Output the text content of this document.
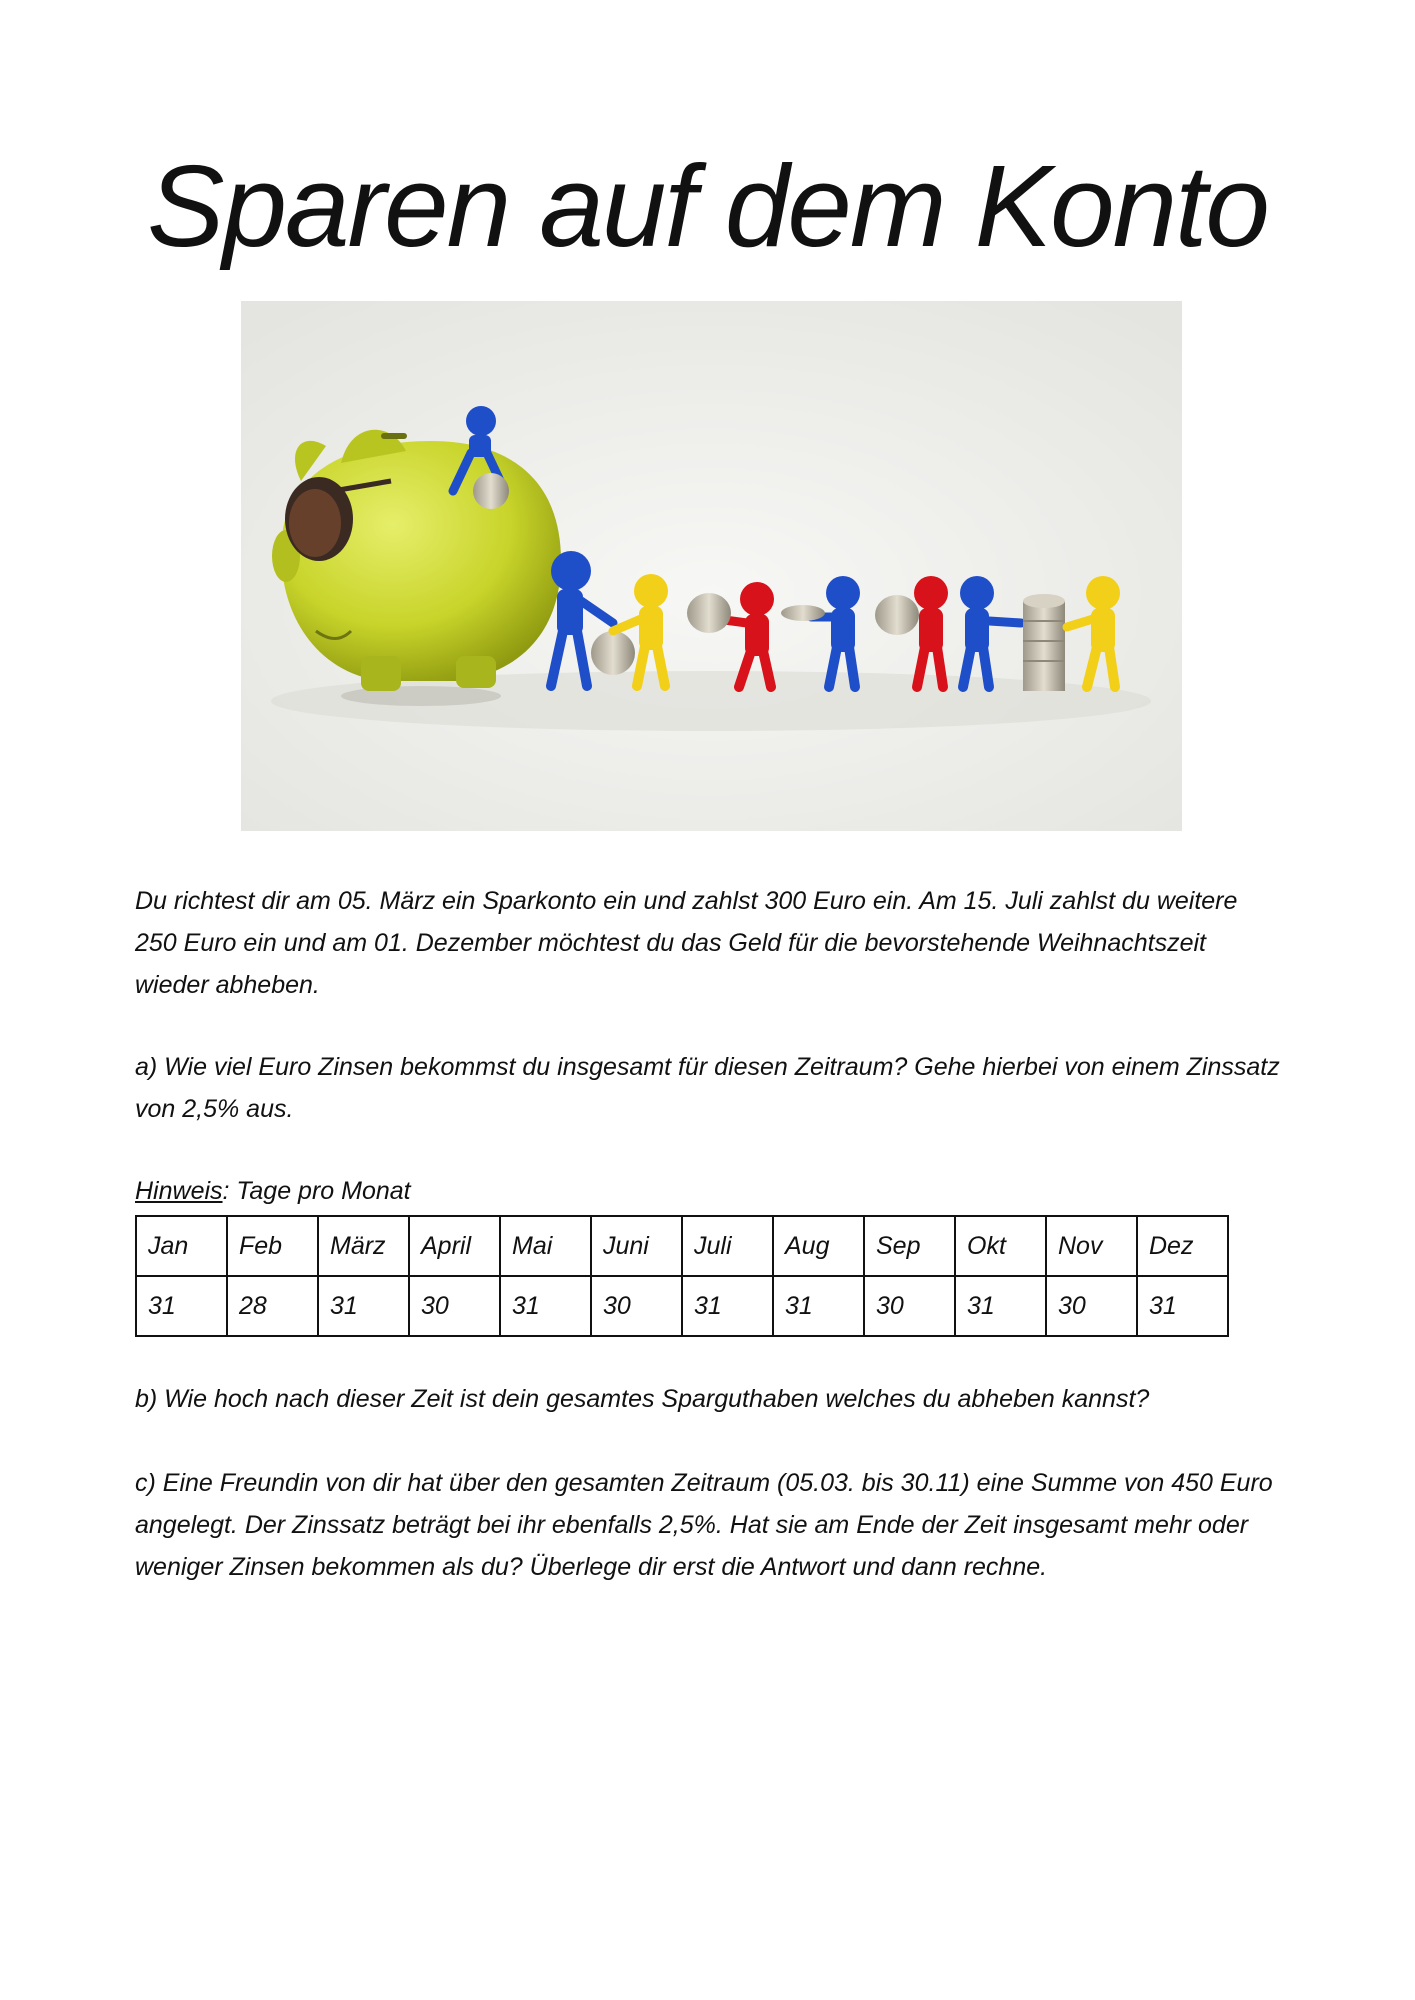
Sparen auf dem Konto

Du richtest dir am 05. März ein Sparkonto ein und zahlst 300 Euro ein. Am 15. Juli zahlst du weitere 250 Euro ein und am 01. Dezember möchtest du das Geld für die bevorstehende Weihnachtszeit wieder abheben.

a) Wie viel Euro Zinsen bekommst du insgesamt für diesen Zeitraum? Gehe hierbei von einem Zinssatz von 2,5% aus.

Hinweis: Tage pro Monat

Jan	Feb	März	April	Mai	Juni	Juli	Aug	Sep	Okt	Nov	Dez
31	28	31	30	31	30	31	31	30	31	30	31

b) Wie hoch nach dieser Zeit ist dein gesamtes Sparguthaben welches du abheben kannst?

c) Eine Freundin von dir hat über den gesamten Zeitraum (05.03. bis 30.11) eine Summe von 450 Euro angelegt. Der Zinssatz beträgt bei ihr ebenfalls 2,5%. Hat sie am Ende der Zeit insgesamt mehr oder weniger Zinsen bekommen als du? Überlege dir erst die Antwort und dann rechne.
